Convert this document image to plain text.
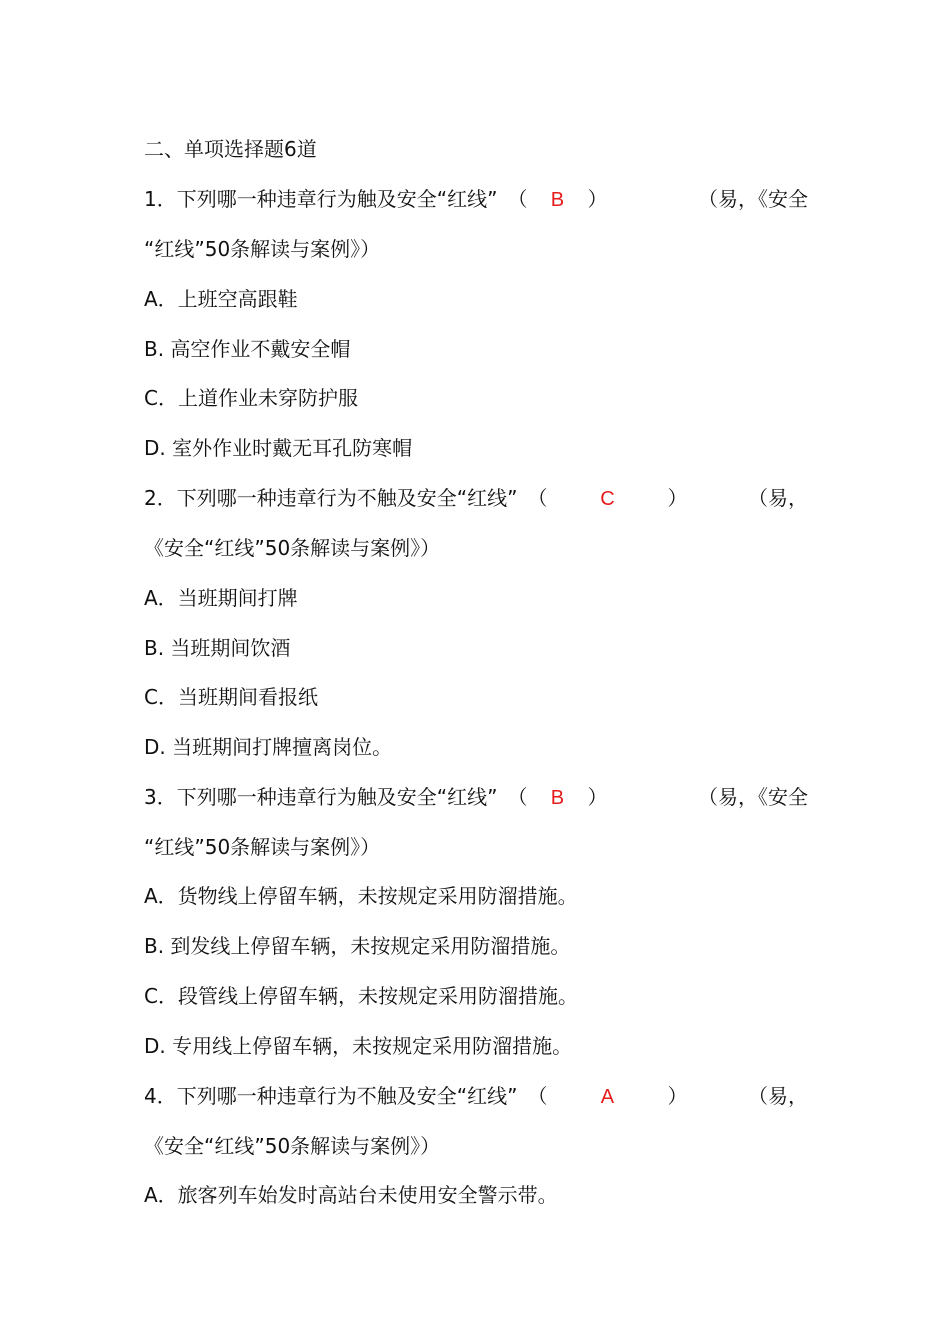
二、单项选择题6道
1．下列哪一种违章行为触及安全“红线” （	B	）	（易，《安全
“红线”50条解读与案例》）
A．上班空高跟鞋
B. 高空作业不戴安全帽
C．上道作业未穿防护服
D. 室外作业时戴无耳孔防寒帽
2．下列哪一种违章行为不触及安全“红线” （	C	）	（易，
《安全“红线”50条解读与案例》）
A．当班期间打牌
B. 当班期间饮酒
C．当班期间看报纸
D. 当班期间打牌擅离岗位。
3．下列哪一种违章行为触及安全“红线” （	B	）	（易，《安全
“红线”50条解读与案例》）
A．货物线上停留车辆，未按规定采用防溜措施。
B. 到发线上停留车辆，未按规定采用防溜措施。
C．段管线上停留车辆，未按规定采用防溜措施。
D. 专用线上停留车辆，未按规定采用防溜措施。
4．下列哪一种违章行为不触及安全“红线” （	A	）	（易，
《安全“红线”50条解读与案例》）
A．旅客列车始发时高站台未使用安全警示带。
